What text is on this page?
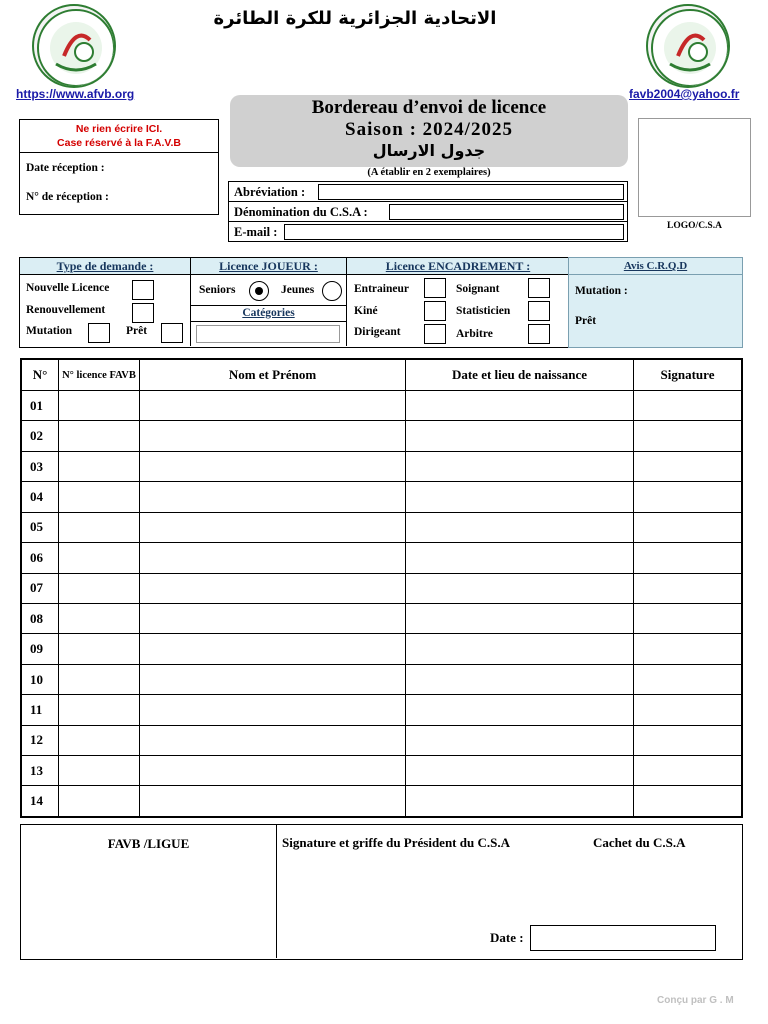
الاتحادية الجزائرية للكرة الطائرة
https://www.afvb.org	favb2004@yahoo.fr
Ne rien écrire ICI.
Case réservé à la F.A.V.B
Date réception :
N° de réception :
Bordereau d’envoi de licence
Saison : 2024/2025
جدول الارسال
(A établir en 2 exemplaires)
Abréviation :
Dénomination du C.S.A :
E-mail :	LOGO/C.S.A
Type de demande :
Nouvelle Licence
Renouvellement
Mutation	Prêt
Licence JOUEUR :
Seniors	Jeunes
Catégories
Licence ENCADREMENT :
Entraineur	Soignant
Kiné	Statisticien
Dirigeant	Arbitre
Avis C.R.Q.D
Mutation :
Prêt
N°	N° licence FAVB	Nom et Prénom	Date et lieu de naissance	Signature
01				
02				
03				
04				
05				
06				
07				
08				
09				
10				
11				
12				
13				
14				
FAVB /LIGUE	Signature et griffe du Président du C.S.A	Cachet du C.S.A
Date :
Conçu par G . M
